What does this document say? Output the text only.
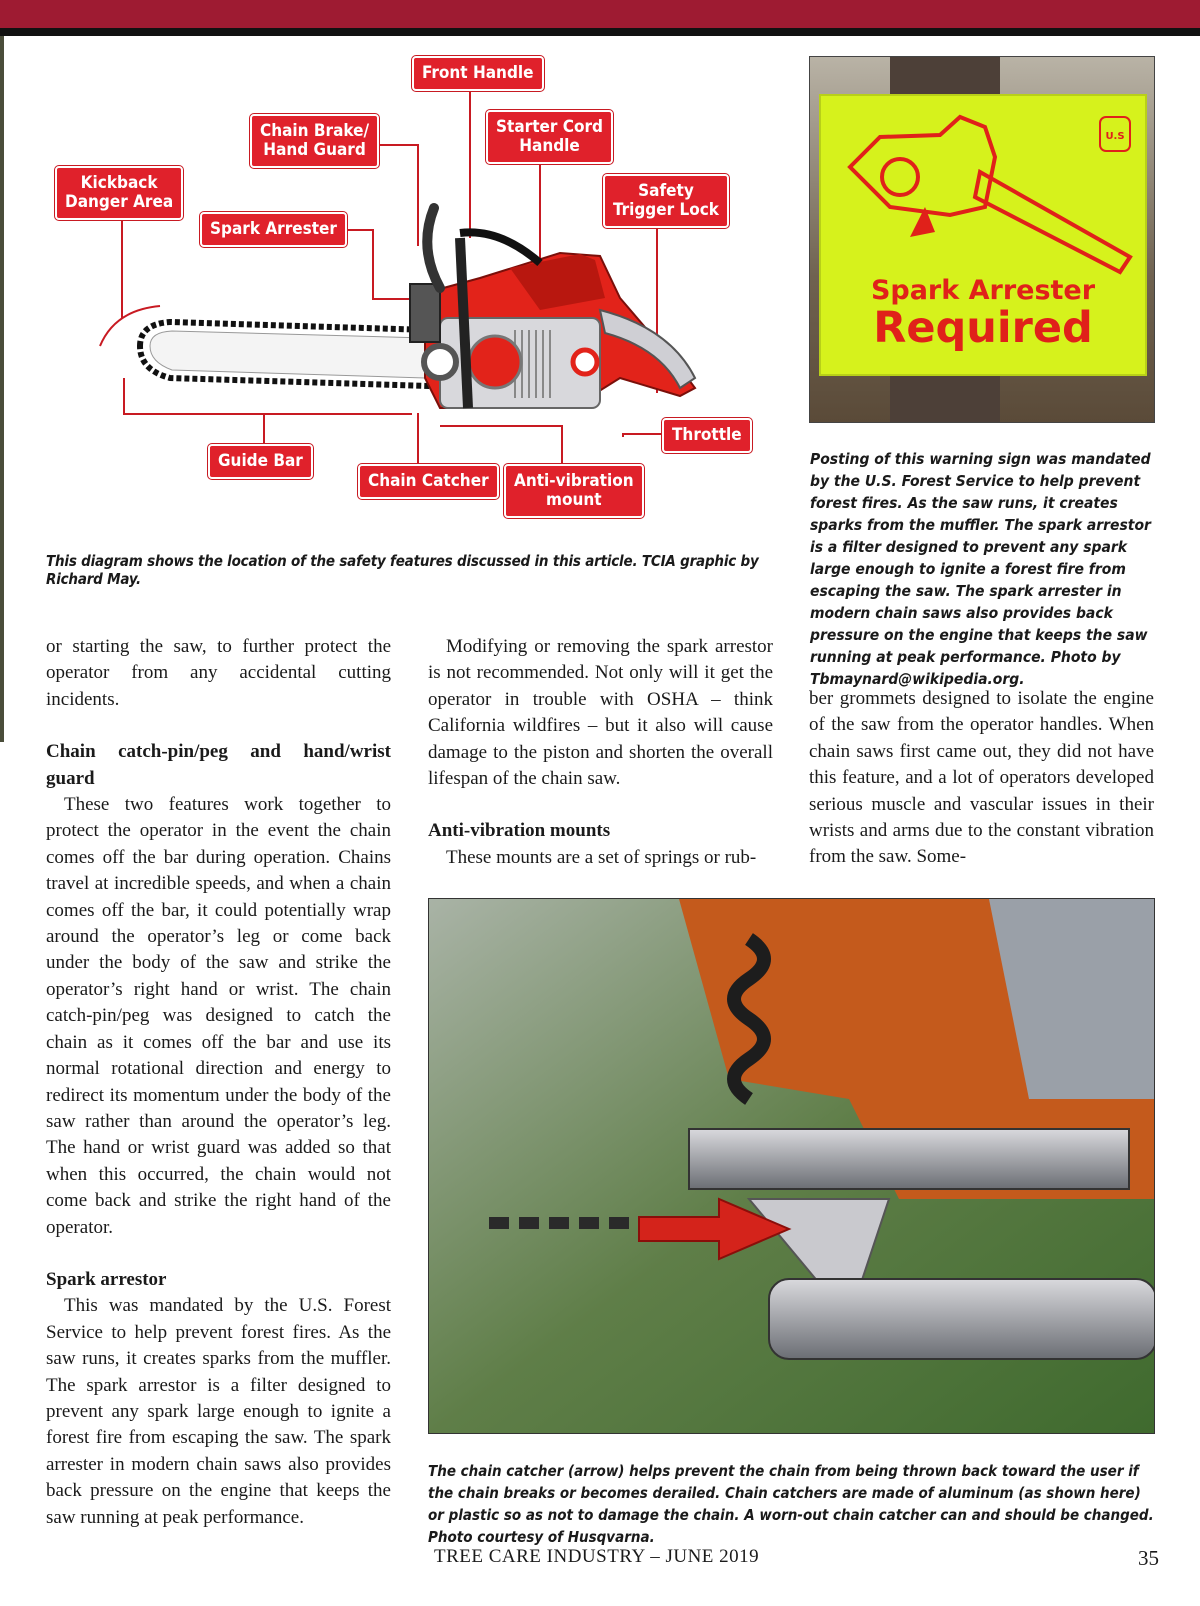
Front Handle
Chain Brake/
Hand Guard
Starter Cord
Handle
Kickback
Danger Area
Safety
Trigger Lock
Spark Arrester
Throttle
Guide Bar
Chain Catcher	Anti-vibration
mount
This diagram shows the location of the safety features discussed in this article. TCIA graphic by Richard May.
U.S
Spark Arrester
Required
Posting of this warning sign was mandated by the U.S. Forest Service to help prevent forest fires. As the saw runs, it creates sparks from the muffler. The spark arrestor is a filter designed to prevent any spark large enough to ignite a forest fire from escaping the saw. The spark arrester in modern chain saws also provides back pressure on the engine that keeps the saw running at peak performance. Photo by Tbmaynard@wikipedia.org.

or starting the saw, to further protect the operator from any accidental cutting incidents.

Chain catch-pin/peg and hand/wrist guard

These two features work together to protect the operator in the event the chain comes off the bar during operation. Chains travel at incredible speeds, and when a chain comes off the bar, it could potentially wrap around the operator’s leg or come back under the body of the saw and strike the operator’s right hand or wrist. The chain catch-pin/peg was designed to catch the chain as it comes off the bar and use its normal rotational direction and energy to redirect its momentum under the body of the saw rather than around the operator’s leg. The hand or wrist guard was added so that when this occurred, the chain would not come back and strike the right hand of the operator.

Spark arrestor

This was mandated by the U.S. Forest Service to help prevent forest fires. As the saw runs, it creates sparks from the muffler. The spark arrestor is a filter designed to prevent any spark large enough to ignite a forest fire from escaping the saw. The spark arrester in modern chain saws also provides back pressure on the engine that keeps the saw running at peak performance.

Modifying or removing the spark arrestor is not recommended. Not only will it get the operator in trouble with OSHA – think California wildfires – but it also will cause damage to the piston and shorten the overall lifespan of the chain saw.

Anti-vibration mounts

These mounts are a set of springs or rub-

ber grommets designed to isolate the engine of the saw from the operator handles. When chain saws first came out, they did not have this feature, and a lot of operators developed serious muscle and vascular issues in their wrists and arms due to the constant vibration from the saw. Some-

The chain catcher (arrow) helps prevent the chain from being thrown back toward the user if the chain breaks or becomes derailed. Chain catchers are made of aluminum (as shown here) or plastic so as not to damage the chain. A worn-out chain catcher can and should be changed. Photo courtesy of Husqvarna.
TREE CARE INDUSTRY – JUNE 2019	35
